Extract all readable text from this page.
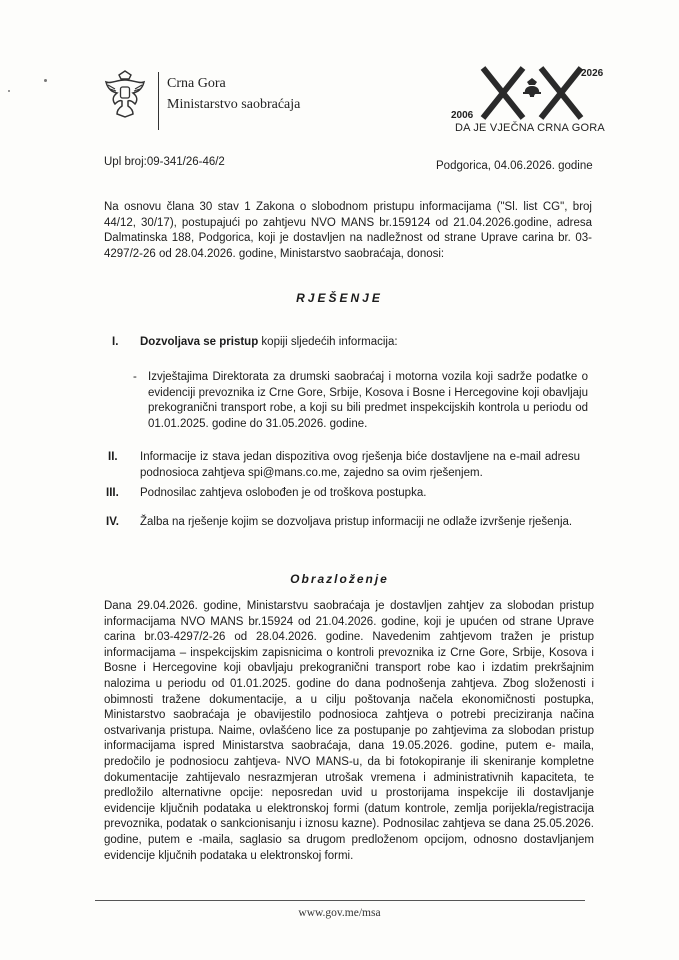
Crna Gora
Ministarstvo saobraćaja
2026
2006
DA JE VJEČNA CRNA GORA
Upl broj:09-341/26-46/2	Podgorica, 04.06.2026. godine
Na osnovu člana 30 stav 1 Zakona o slobodnom pristupu informacijama ("Sl. list CG", broj 44/12, 30/17), postupajući po zahtjevu NVO MANS br.159124 od 21.04.2026.godine, adresa Dalmatinska 188, Podgorica, koji je dostavljen na nadležnost od strane Uprave carina br. 03-4297/2-26 od 28.04.2026. godine, Ministarstvo saobraćaja, donosi:
RJEŠENJE
I. Dozvoljava se pristup kopiji sljedećih informacija:
- Izvještajima Direktorata za drumski saobraćaj i motorna vozila koji sadrže podatke o evidenciji prevoznika iz Crne Gore, Srbije, Kosova i Bosne i Hercegovine koji obavljaju prekogranični transport robe, a koji su bili predmet inspekcijskih kontrola u periodu od 01.01.2025. godine do 31.05.2026. godine.
II. Informacije iz stava jedan dispozitiva ovog rješenja biće dostavljene na e-mail adresu podnosioca zahtjeva spi@mans.co.me, zajedno sa ovim rješenjem.
III. Podnosilac zahtjeva oslobođen je od troškova postupka.
IV. Žalba na rješenje kojim se dozvoljava pristup informaciji ne odlaže izvršenje rješenja.
Obrazloženje
Dana 29.04.2026. godine, Ministarstvu saobraćaja je dostavljen zahtjev za slobodan pristup informacijama NVO MANS br.15924 od 21.04.2026. godine, koji je upućen od strane Uprave carina br.03-4297/2-26 od 28.04.2026. godine. Navedenim zahtjevom tražen je pristup informacijama – inspekcijskim zapisnicima o kontroli prevoznika iz Crne Gore, Srbije, Kosova i Bosne i Hercegovine koji obavljaju prekogranični transport robe kao i izdatim prekršajnim nalozima u periodu od 01.01.2025. godine do dana podnošenja zahtjeva. Zbog složenosti i obimnosti tražene dokumentacije, a u cilju poštovanja načela ekonomičnosti postupka, Ministarstvo saobraćaja je obavijestilo podnosioca zahtjeva o potrebi preciziranja načina ostvarivanja pristupa. Naime, ovlašćeno lice za postupanje po zahtjevima za slobodan pristup informacijama ispred Ministarstva saobraćaja, dana 19.05.2026. godine, putem e- maila, predočilo je podnosiocu zahtjeva- NVO MANS-u, da bi fotokopiranje ili skeniranje kompletne dokumentacije zahtijevalo nesrazmjeran utrošak vremena i administrativnih kapaciteta, te predložilo alternativne opcije: neposredan uvid u prostorijama inspekcije ili dostavljanje evidencije ključnih podataka u elektronskoj formi (datum kontrole, zemlja porijekla/registracija prevoznika, podatak o sankcionisanju i iznosu kazne). Podnosilac zahtjeva se dana 25.05.2026. godine, putem e -maila, saglasio sa drugom predloženom opcijom, odnosno dostavljanjem evidencije ključnih podataka u elektronskoj formi.
www.gov.me/msa
